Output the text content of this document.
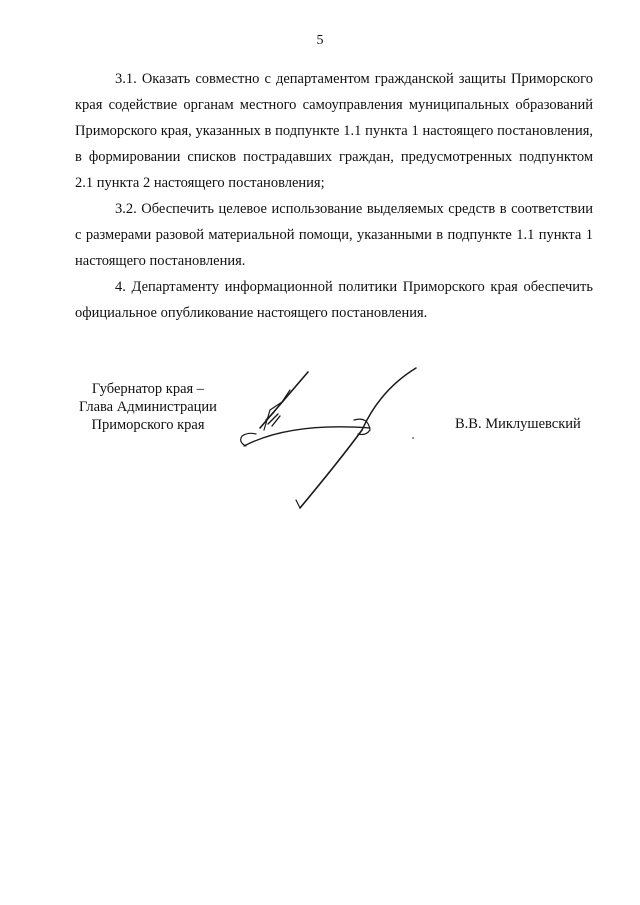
5

3.1. Оказать совместно с департаментом гражданской защиты Приморского края содействие органам местного самоуправления муниципальных образований Приморского края, указанных в подпункте 1.1 пункта 1 настоящего постановления, в формировании списков пострадавших граждан, предусмотренных подпунктом 2.1 пункта 2 настоящего постановления;

3.2. Обеспечить целевое использование выделяемых средств в соответствии с размерами разовой материальной помощи, указанными в подпункте 1.1 пункта 1 настоящего постановления.

4. Департаменту информационной политики Приморского края обеспечить официальное опубликование настоящего постановления.

Губернатор края –
Глава Администрации
Приморского края	В.В. Миклушевский
